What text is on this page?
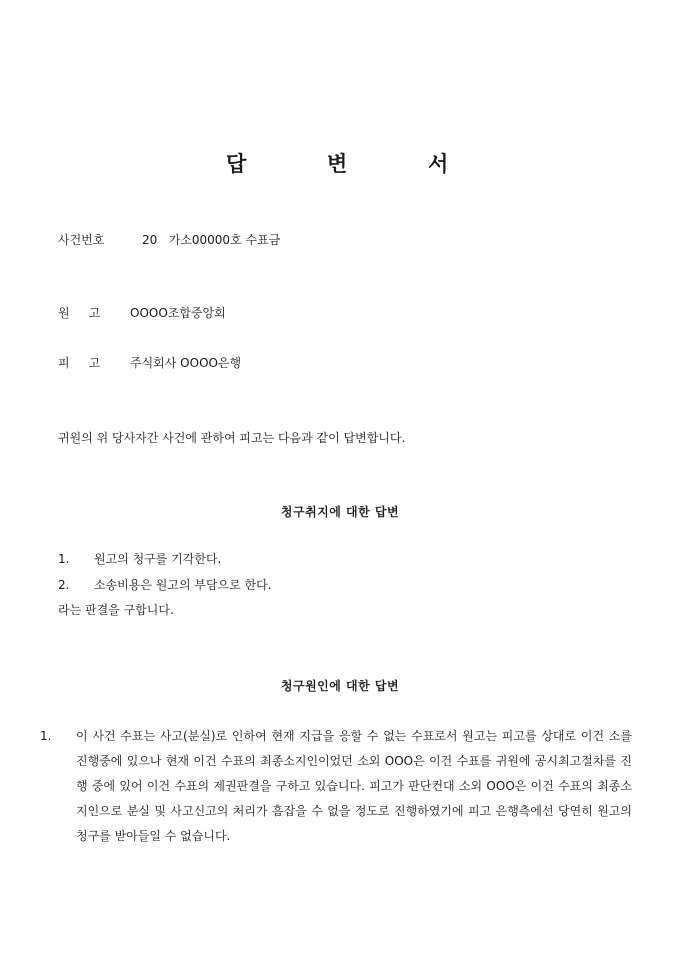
답	변	서
사건번호	20   가소00000호 수표금
원     고 OOOO조합중앙회
피     고 주식회사 OOOO은행
귀원의 위 당사자간 사건에 관하여 피고는 다음과 같이 답변합니다.
청구취지에 대한 답변
1. 원고의 청구를 기각한다.
2. 소송비용은 원고의 부담으로 한다.
라는 판결을 구합니다.
청구원인에 대한 답변
1. 이 사건 수표는 사고(분실)로 인하여 현재 지급을 응할 수 없는 수표로서 원고는 피고를 상대로 이건 소를 진행중에 있으나 현재 이건 수표의 최종소지인이었던 소외 OOO은 이건 수표를 귀원에 공시최고절차를 진행 중에 있어 이건 수표의 제권판결을 구하고 있습니다. 피고가 판단컨대 소외 OOO은 이건 수표의 최종소지인으로 분실 및 사고신고의 처리가 흠잡을 수 없을 정도로 진행하였기에 피고 은행측에선 당연히 원고의 청구를 받아들일 수 없습니다.
